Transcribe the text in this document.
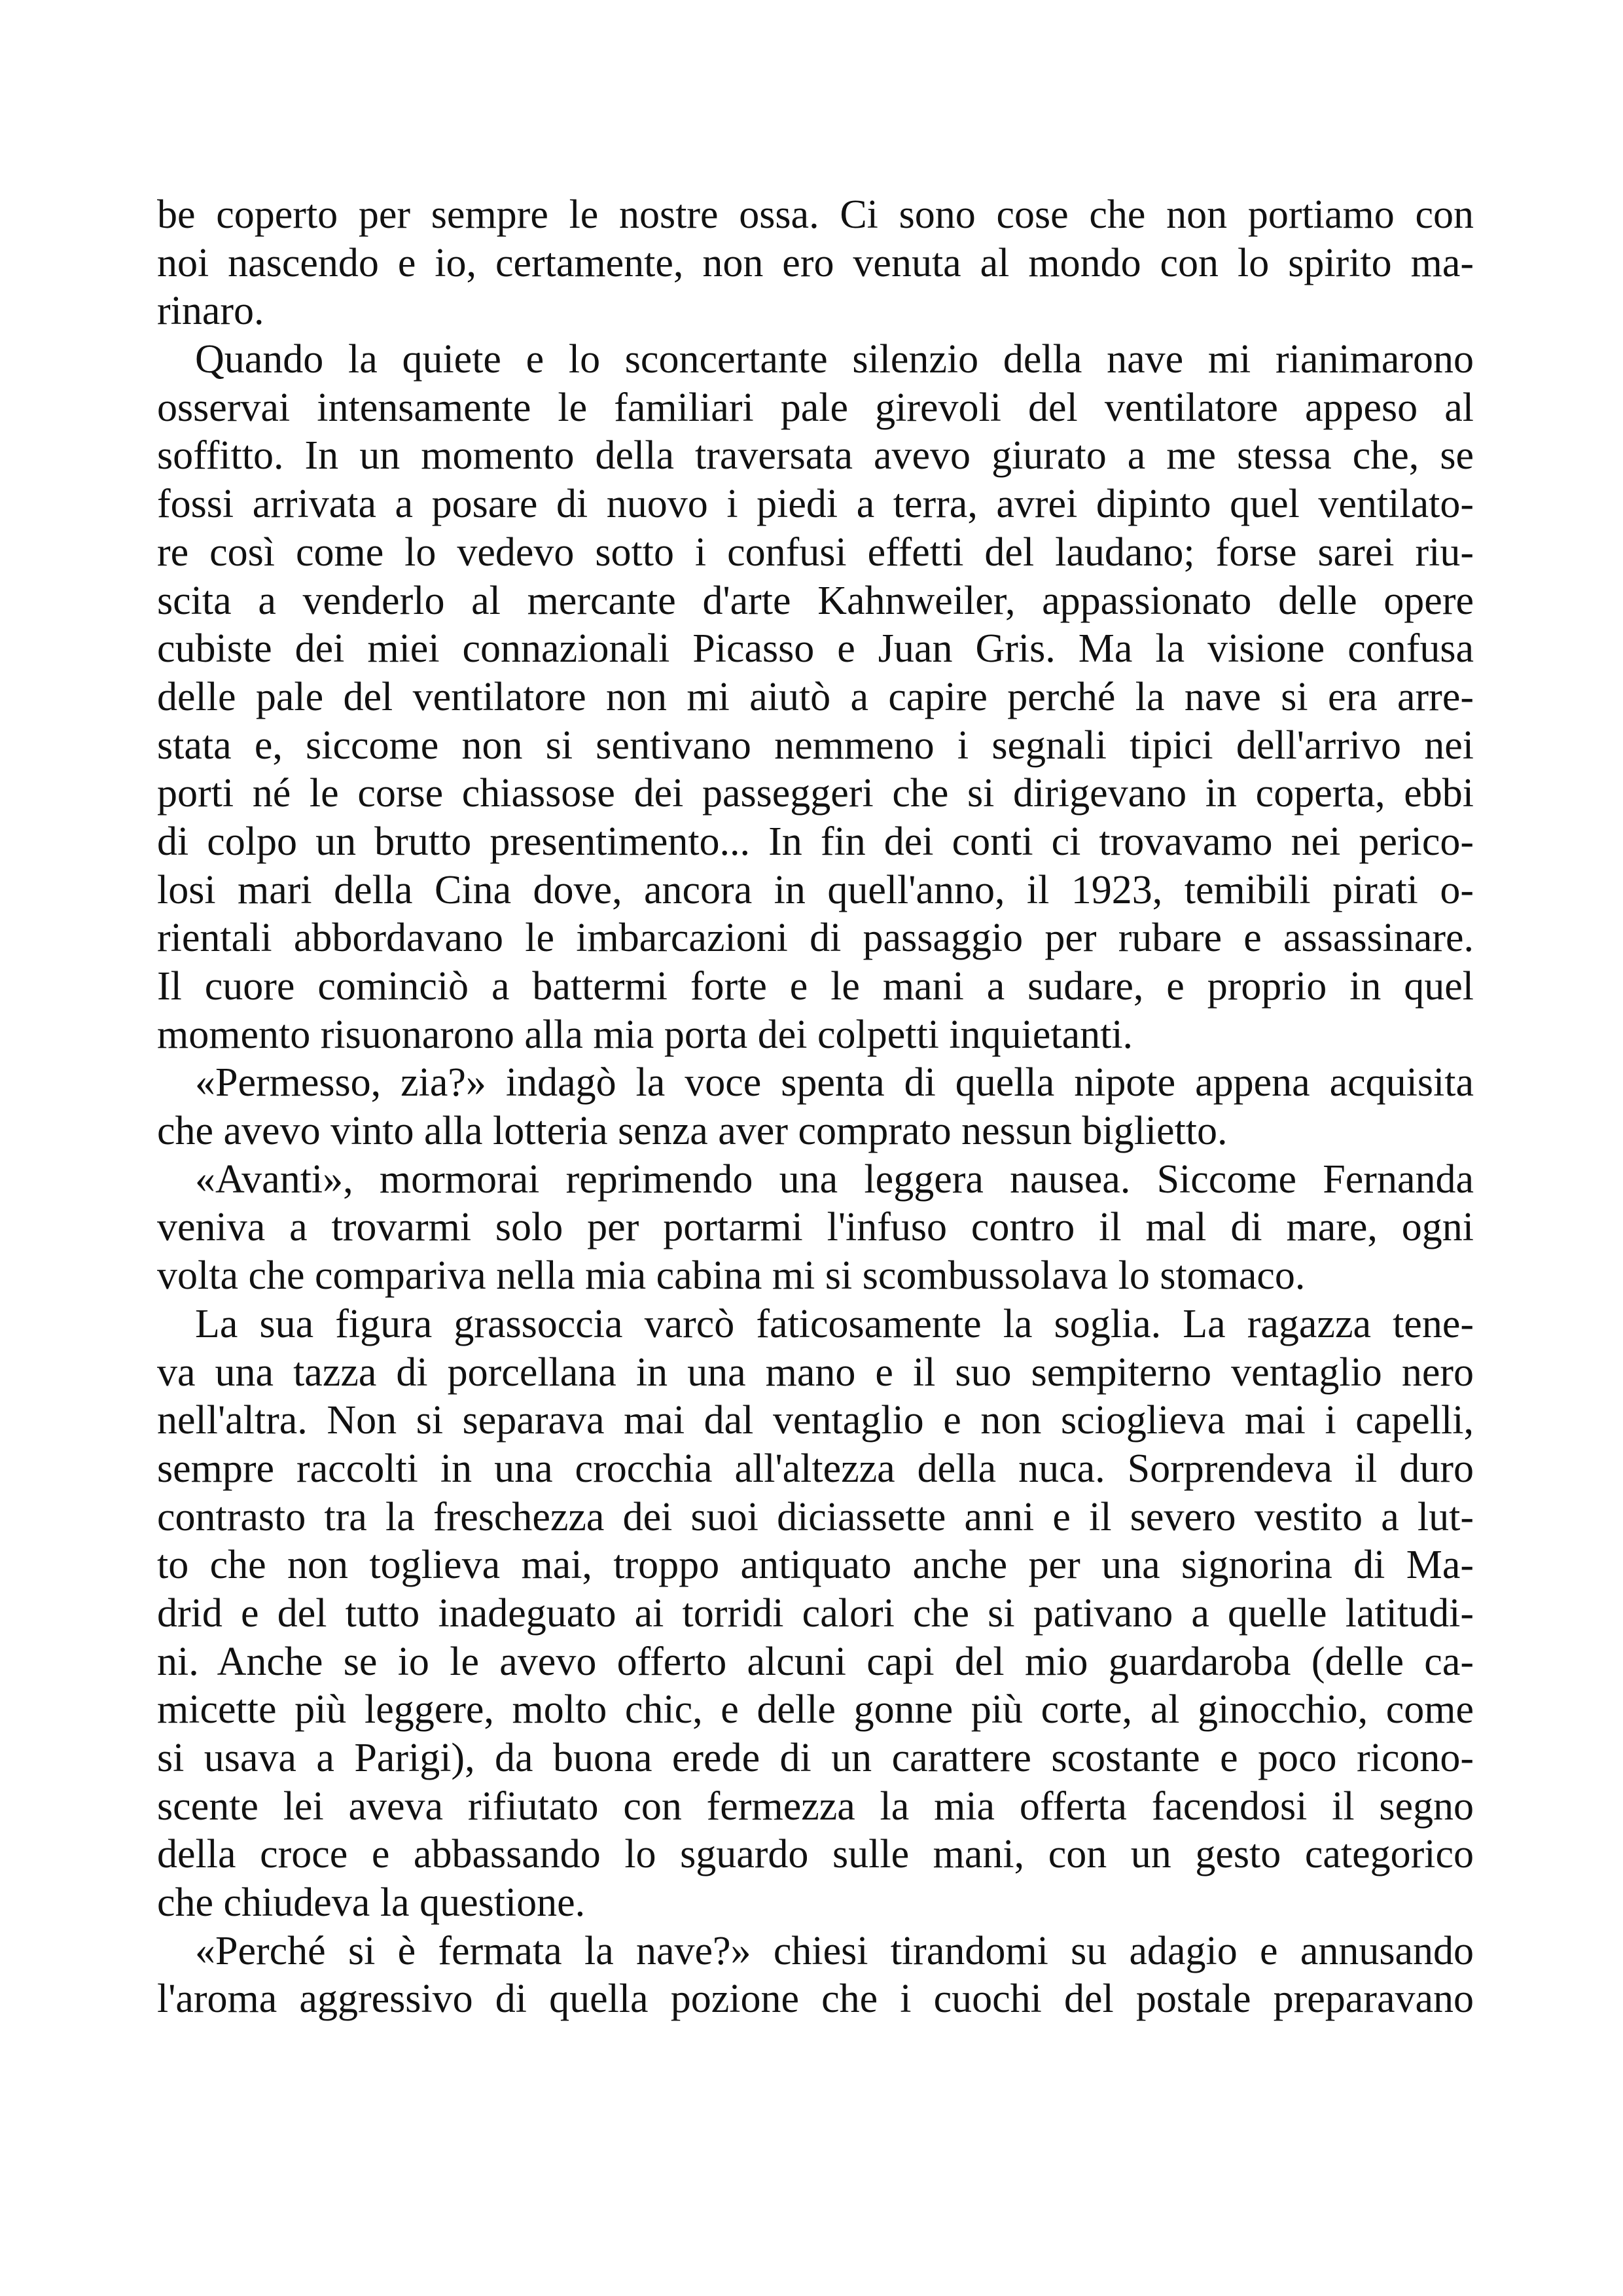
be coperto per sempre le nostre ossa. Ci sono cose che non portiamo con
noi nascendo e io, certamente, non ero venuta al mondo con lo spirito ma-
rinaro.
Quando la quiete e lo sconcertante silenzio della nave mi rianimarono
osservai intensamente le familiari pale girevoli del ventilatore appeso al
soffitto. In un momento della traversata avevo giurato a me stessa che, se
fossi arrivata a posare di nuovo i piedi a terra, avrei dipinto quel ventilato-
re così come lo vedevo sotto i confusi effetti del laudano; forse sarei riu-
scita a venderlo al mercante d'arte Kahnweiler, appassionato delle opere
cubiste dei miei connazionali Picasso e Juan Gris. Ma la visione confusa
delle pale del ventilatore non mi aiutò a capire perché la nave si era arre-
stata e, siccome non si sentivano nemmeno i segnali tipici dell'arrivo nei
porti né le corse chiassose dei passeggeri che si dirigevano in coperta, ebbi
di colpo un brutto presentimento... In fin dei conti ci trovavamo nei perico-
losi mari della Cina dove, ancora in quell'anno, il 1923, temibili pirati o-
rientali abbordavano le imbarcazioni di passaggio per rubare e assassinare.
Il cuore cominciò a battermi forte e le mani a sudare, e proprio in quel
momento risuonarono alla mia porta dei colpetti inquietanti.
«Permesso, zia?» indagò la voce spenta di quella nipote appena acquisita
che avevo vinto alla lotteria senza aver comprato nessun biglietto.
«Avanti», mormorai reprimendo una leggera nausea. Siccome Fernanda
veniva a trovarmi solo per portarmi l'infuso contro il mal di mare, ogni
volta che compariva nella mia cabina mi si scombussolava lo stomaco.
La sua figura grassoccia varcò faticosamente la soglia. La ragazza tene-
va una tazza di porcellana in una mano e il suo sempiterno ventaglio nero
nell'altra. Non si separava mai dal ventaglio e non scioglieva mai i capelli,
sempre raccolti in una crocchia all'altezza della nuca. Sorprendeva il duro
contrasto tra la freschezza dei suoi diciassette anni e il severo vestito a lut-
to che non toglieva mai, troppo antiquato anche per una signorina di Ma-
drid e del tutto inadeguato ai torridi calori che si pativano a quelle latitudi-
ni. Anche se io le avevo offerto alcuni capi del mio guardaroba (delle ca-
micette più leggere, molto chic, e delle gonne più corte, al ginocchio, come
si usava a Parigi), da buona erede di un carattere scostante e poco ricono-
scente lei aveva rifiutato con fermezza la mia offerta facendosi il segno
della croce e abbassando lo sguardo sulle mani, con un gesto categorico
che chiudeva la questione.
«Perché si è fermata la nave?» chiesi tirandomi su adagio e annusando
l'aroma aggressivo di quella pozione che i cuochi del postale preparavano
